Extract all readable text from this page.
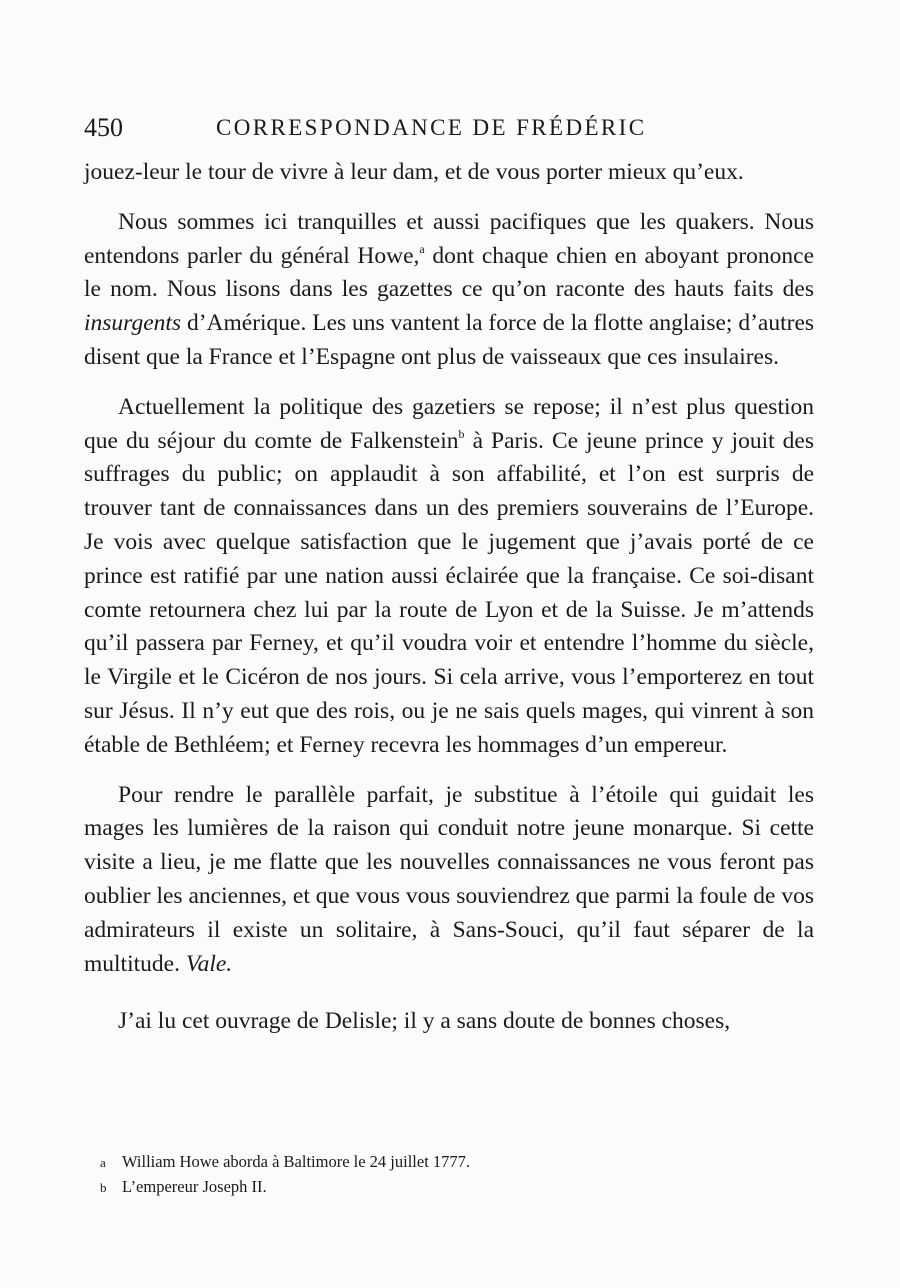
450	CORRESPONDANCE DE FRÉDÉRIC

jouez-leur le tour de vivre à leur dam, et de vous porter mieux qu’eux.

Nous sommes ici tranquilles et aussi pacifiques que les quakers. Nous entendons parler du général Howe,$^a$ dont chaque chien en aboyant prononce le nom. Nous lisons dans les gazettes ce qu’on raconte des hauts faits des insurgents d’Amérique. Les uns vantent la force de la flotte anglaise; d’autres disent que la France et l’Espagne ont plus de vaisseaux que ces insulaires.

Actuellement la politique des gazetiers se repose; il n’est plus question que du séjour du comte de Falkenstein$^b$ à Paris. Ce jeune prince y jouit des suffrages du public; on applaudit à son affabilité, et l’on est surpris de trouver tant de connaissances dans un des premiers souverains de l’Europe. Je vois avec quelque satisfaction que le jugement que j’avais porté de ce prince est ratifié par une nation aussi éclairée que la française. Ce soi-disant comte retournera chez lui par la route de Lyon et de la Suisse. Je m’attends qu’il passera par Ferney, et qu’il voudra voir et entendre l’homme du siècle, le Virgile et le Cicéron de nos jours. Si cela arrive, vous l’emporterez en tout sur Jésus. Il n’y eut que des rois, ou je ne sais quels mages, qui vinrent à son étable de Bethléem; et Ferney recevra les hommages d’un empereur.

Pour rendre le parallèle parfait, je substitue à l’étoile qui guidait les mages les lumières de la raison qui conduit notre jeune monarque. Si cette visite a lieu, je me flatte que les nouvelles connaissances ne vous feront pas oublier les anciennes, et que vous vous souviendrez que parmi la foule de vos admirateurs il existe un solitaire, à Sans-Souci, qu’il faut séparer de la multitude. Vale.

J’ai lu cet ouvrage de Delisle; il y a sans doute de bonnes choses,

a William Howe aborda à Baltimore le 24 juillet 1777.
b L’empereur Joseph II.
